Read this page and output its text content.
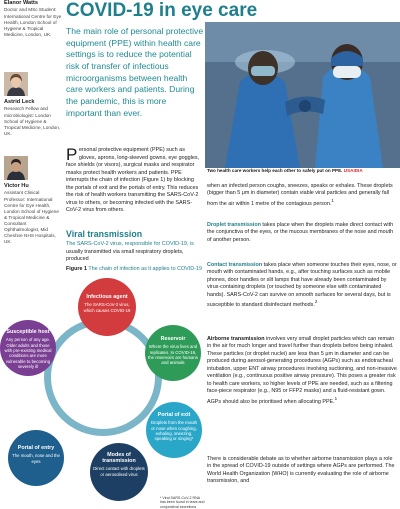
Elanor Watts
Doctor and MSc Student: International Centre for Eye Health, London School of Hygiene & Tropical Medicine, London, UK.
Astrid Leck
Research Fellow and microbiologist: London School of Hygiene & Tropical Medicine, London, UK.
Victor Hu
Assistant Clinical Professor: International Centre for Eye Health, London School of Hygiene & Tropical Medicine & Consultant Ophthalmologist, Mid Cheshire NHS Hospitals, UK.
COVID-19 in eye care
The main role of personal protective equipment (PPE) within health care settings is to reduce the potential risk of transfer of infectious microorganisms between health care workers and patients. During the pandemic, this is more important than ever.
Two health care workers help each other to safely put on PPE. USAIDIA
Personal protective equipment (PPE) such as gloves, aprons, long-sleeved gowns, eye goggles, face shields (or visors), surgical masks and respirator masks protect health workers and patients. PPE interrupts the chain of infection (Figure 1) by blocking the portals of exit and the portals of entry. This reduces the risk of health workers transmitting the SARS-CoV-2 virus to others, or becoming infected with the SARS-CoV-2 virus from others.
Viral transmission
The SARS-CoV-2 virus, responsible for COVID-19, is usually transmitted via small respiratory droplets, produced
Figure 1 The chain of infection as it applies to COVID-19
Infectious agent
The SARS-CoV-2 virus, which causes COVID-19
Reservoir
Where the virus lives and replicates. In COVID-19, the reservoirs are humans and animals
Portal of exit
Droplets from the mouth or nose when coughing, exhaling, sneezing, speaking or singing*
Modes of transmission
Direct contact with droplets or aerosolised virus
Portal of entry
The mouth, nose and the eyes
Susceptible host
Any person of any age. Older adults and those with pre-existing medical conditions are more vulnerable to becoming severely ill
* Viral SARS-CoV-2 RNA has been found in tears and conjunctival secretions
when an infected person coughs, sneezes, speaks or exhales. These droplets (bigger than 5 μm in diameter) contain viable viral particles and generally fall from the air within 1 metre of the contagious person.$^1$
Droplet transmission takes place when the droplets make direct contact with the conjunctiva of the eyes, or the mucous membranes of the nose and mouth of another person.
Contact transmission takes place when someone touches their eyes, nose, or mouth with contaminated hands, e.g., after touching surfaces such as mobile phones, door handles or slit lamps that have already been contaminated by virus-containing droplets (or touched by someone else with contaminated hands). SARS-CoV-2 can survive on smooth surfaces for several days, but is susceptible to standard disinfectant methods.$^2$
Airborne transmission involves very small droplet particles which can remain in the air for much longer and travel further than droplets before being inhaled. These particles (or droplet nuclei) are less than 5 μm in diameter and can be produced during aerosol-generating procedures (AGPs) such as endotracheal intubation, upper ENT airway procedures involving suctioning, and non-invasive ventilation (e.g., continuous positive airway pressure). This poses a greater risk to health care workers, so higher levels of PPE are needed, such as a filtering face-piece respirator (e.g., N95 or FFP2 masks) and a fluid-resistant gown. AGPs should also be prioritised when allocating PPE.$^1$
There is considerable debate as to whether airborne transmission plays a role in the spread of COVID-19 outside of settings where AGPs are performed. The World Health Organization (WHO) is currently evaluating the role of airborne transmission, and
